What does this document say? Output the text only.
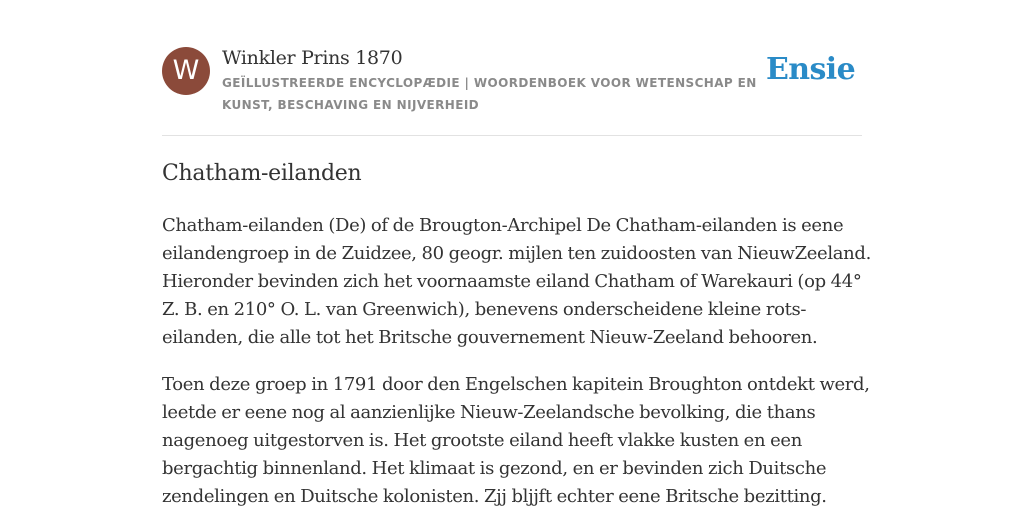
W	Winkler Prins 1870
GEÏLLUSTREERDE ENCYCLOPÆDIE | WOORDENBOEK VOOR WETENSCHAP EN KUNST, BESCHAVING EN NIJVERHEID
Ensie
Chatham-eilanden

Chatham-eilanden (De) of de Brougton-Archipel De Chatham-eilanden is eene eilandengroep in de Zuidzee, 80 geogr. mijlen ten zuidoosten van NieuwZeeland. Hieronder bevinden zich het voornaamste eiland Chatham of Warekauri (op 44° Z. B. en 210° O. L. van Greenwich), benevens onderscheidene kleine rots-eilanden, die alle tot het Britsche gouvernement Nieuw-Zeeland behooren.

Toen deze groep in 1791 door den Engelschen kapitein Broughton ontdekt werd, leetde er eene nog al aanzienlijke Nieuw-Zeelandsche bevolking, die thans nagenoeg uitgestorven is. Het grootste eiland heeft vlakke kusten en een bergachtig binnenland. Het klimaat is gezond, en er bevinden zich Duitsche zendelingen en Duitsche kolonisten. Zjj bljjft echter eene Britsche bezitting.
